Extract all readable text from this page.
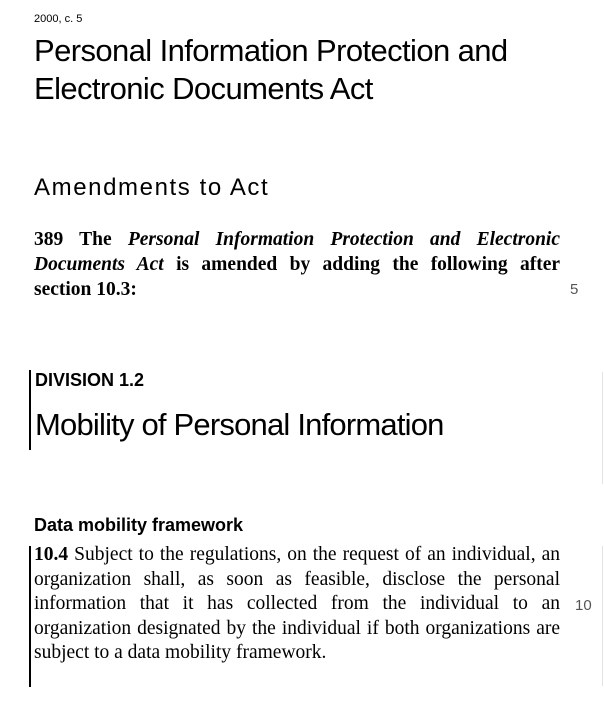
2000, c. 5
Personal Information Protection and
Electronic Documents Act
Amendments to Act

389 The Personal Information Protection and Electronic Documents Act is amended by adding the following after section 10.3:	5
DIVISION 1.2
Mobility of Personal Information
Data mobility framework

10.4 Subject to the regulations, on the request of an individual, an organization shall, as soon as feasible, disclose the personal information that it has collected from the individual to an organization designated by the individual if both organizations are subject to a data mobility framework.

10
